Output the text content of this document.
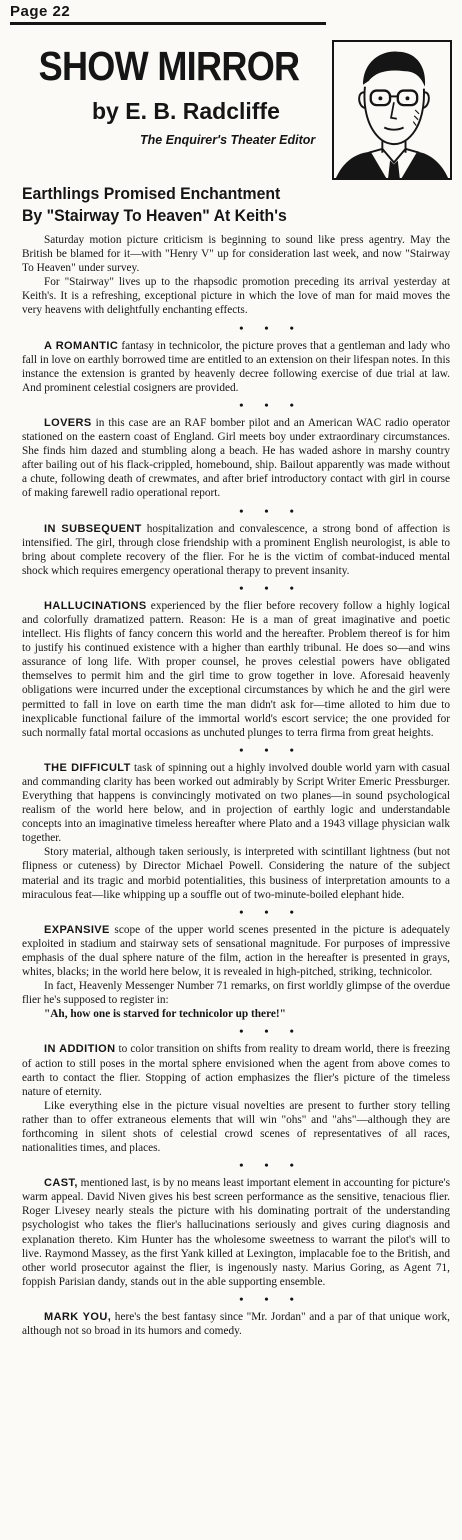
Page 22
SHOW MIRROR
by E. B. Radcliffe
The Enquirer's Theater Editor
Earthlings Promised Enchantment
By "Stairway To Heaven" At Keith's

Saturday motion picture criticism is beginning to sound like press agentry. May the British be blamed for it—with "Henry V" up for consideration last week, and now "Stairway To Heaven" under survey.

For "Stairway" lives up to the rhapsodic promotion preceding its arrival yesterday at Keith's. It is a refreshing, exceptional picture in which the love of man for maid moves the very heavens with delightfully enchanting effects.

• • •

A ROMANTIC fantasy in technicolor, the picture proves that a gentleman and lady who fall in love on earthly borrowed time are entitled to an extension on their lifespan notes. In this instance the extension is granted by heavenly decree following exercise of due trial at law. And prominent celestial cosigners are provided.

• • •

LOVERS in this case are an RAF bomber pilot and an American WAC radio operator stationed on the eastern coast of England. Girl meets boy under extraordinary circumstances. She finds him dazed and stumbling along a beach. He has waded ashore in marshy country after bailing out of his flack-crippled, homebound, ship. Bailout apparently was made without a chute, following death of crewmates, and after brief introductory contact with girl in course of making farewell radio operational report.

• • •

IN SUBSEQUENT hospitalization and convalescence, a strong bond of affection is intensified. The girl, through close friendship with a prominent English neurologist, is able to bring about complete recovery of the flier. For he is the victim of combat-induced mental shock which requires emergency operational therapy to prevent insanity.

• • •

HALLUCINATIONS experienced by the flier before recovery follow a highly logical and colorfully dramatized pattern. Reason: He is a man of great imaginative and poetic intellect. His flights of fancy concern this world and the hereafter. Problem thereof is for him to justify his continued existence with a higher than earthly tribunal. He does so—and wins assurance of long life. With proper counsel, he proves celestial powers have obligated themselves to permit him and the girl time to grow together in love. Aforesaid heavenly obligations were incurred under the exceptional circumstances by which he and the girl were permitted to fall in love on earth time the man didn't ask for—time alloted to him due to inexplicable functional failure of the immortal world's escort service; the one provided for such normally fatal mortal occasions as unchuted plunges to terra firma from great heights.

• • •

THE DIFFICULT task of spinning out a highly involved double world yarn with casual and commanding clarity has been worked out admirably by Script Writer Emeric Pressburger. Everything that happens is convincingly motivated on two planes—in sound psychological realism of the world here below, and in projection of earthly logic and understandable concepts into an imaginative timeless hereafter where Plato and a 1943 village physician walk together.

Story material, although taken seriously, is interpreted with scintillant lightness (but not flipness or cuteness) by Director Michael Powell. Considering the nature of the subject material and its tragic and morbid potentialities, this business of interpretation amounts to a miraculous feat—like whipping up a souffle out of two-minute-boiled elephant hide.

• • •

EXPANSIVE scope of the upper world scenes presented in the picture is adequately exploited in stadium and stairway sets of sensational magnitude. For purposes of impressive emphasis of the dual sphere nature of the film, action in the hereafter is presented in grays, whites, blacks; in the world here below, it is revealed in high-pitched, striking, technicolor.

In fact, Heavenly Messenger Number 71 remarks, on first worldly glimpse of the overdue flier he's supposed to register in:

"Ah, how one is starved for technicolor up there!"

• • •

IN ADDITION to color transition on shifts from reality to dream world, there is freezing of action to still poses in the mortal sphere envisioned when the agent from above comes to earth to contact the flier. Stopping of action emphasizes the flier's picture of the timeless nature of eternity.

Like everything else in the picture visual novelties are present to further story telling rather than to offer extraneous elements that will win "ohs" and "ahs"—although they are forthcoming in silent shots of celestial crowd scenes of representatives of all races, nationalities times, and places.

• • •

CAST, mentioned last, is by no means least important element in accounting for picture's warm appeal. David Niven gives his best screen performance as the sensitive, tenacious flier. Roger Livesey nearly steals the picture with his dominating portrait of the understanding psychologist who takes the flier's hallucinations seriously and gives curing diagnosis and explanation thereto. Kim Hunter has the wholesome sweetness to warrant the pilot's will to live. Raymond Massey, as the first Yank killed at Lexington, implacable foe to the British, and other world prosecutor against the flier, is ingenously nasty. Marius Goring, as Agent 71, foppish Parisian dandy, stands out in the able supporting ensemble.

• • •

MARK YOU, here's the best fantasy since "Mr. Jordan" and a par of that unique work, although not so broad in its humors and comedy.
